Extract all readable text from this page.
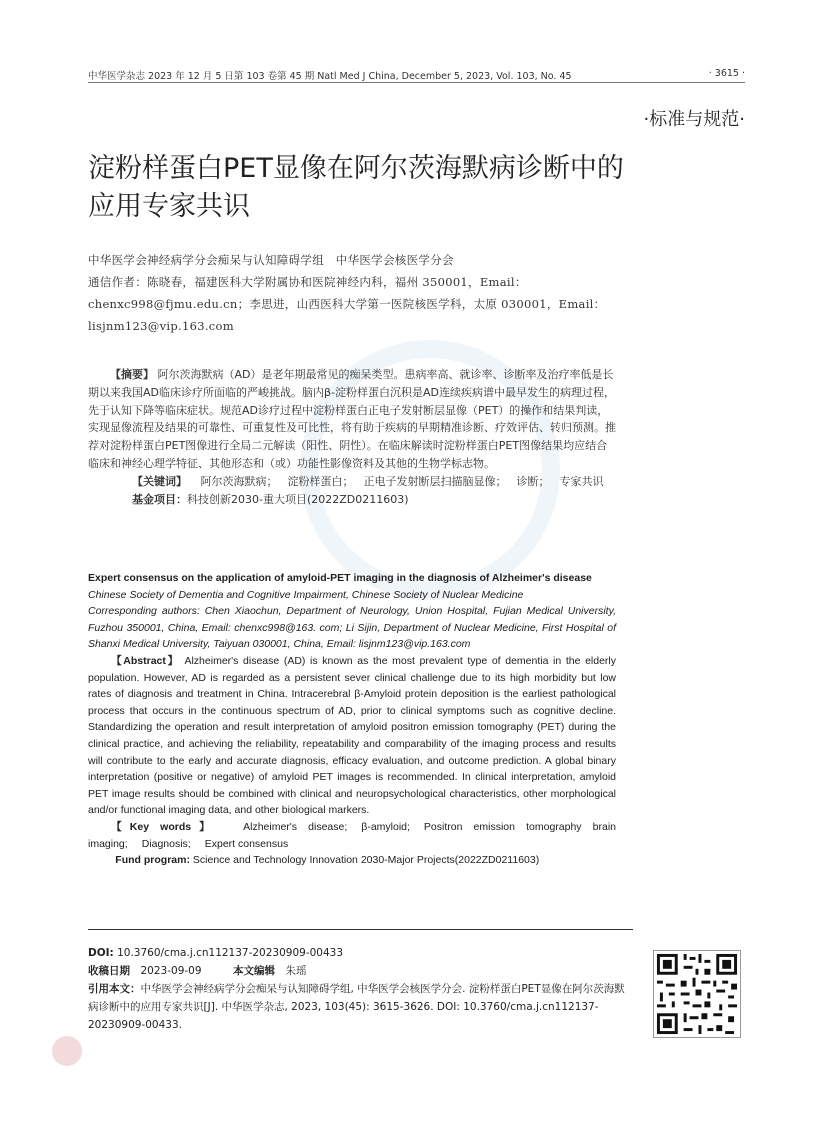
中华医学杂志 2023 年 12 月 5 日第 103 卷第 45 期 Natl Med J China, December 5, 2023, Vol. 103, No. 45	· 3615 ·
·标准与规范·
淀粉样蛋白PET显像在阿尔茨海默病诊断中的应用专家共识
中华医学会神经病学分会痴呆与认知障碍学组　中华医学会核医学分会
通信作者：陈晓春，福建医科大学附属协和医院神经内科，福州 350001，Email：
chenxc998@fjmu.edu.cn；李思进，山西医科大学第一医院核医学科，太原 030001，Email：
lisjnm123@vip.163.com

【摘要】 阿尔茨海默病（AD）是老年期最常见的痴呆类型。患病率高、就诊率、诊断率及治疗率低是长期以来我国AD临床诊疗所面临的严峻挑战。脑内β-淀粉样蛋白沉积是AD连续疾病谱中最早发生的病理过程，先于认知下降等临床症状。规范AD诊疗过程中淀粉样蛋白正电子发射断层显像（PET）的操作和结果判读，实现显像流程及结果的可靠性、可重复性及可比性，将有助于疾病的早期精准诊断、疗效评估、转归预测。推荐对淀粉样蛋白PET图像进行全局二元解读（阳性、阴性）。在临床解读时淀粉样蛋白PET图像结果均应结合临床和神经心理学特征、其他形态和（或）功能性影像资料及其他的生物学标志物。

【关键词】 阿尔茨海默病； 淀粉样蛋白； 正电子发射断层扫描脑显像； 诊断； 专家共识

基金项目：科技创新2030-重大项目(2022ZD0211603)

Expert consensus on the application of amyloid-PET imaging in the diagnosis of Alzheimer's disease

Chinese Society of Dementia and Cognitive Impairment, Chinese Society of Nuclear Medicine

Corresponding authors: Chen Xiaochun, Department of Neurology, Union Hospital, Fujian Medical University, Fuzhou 350001, China, Email: chenxc998@163. com; Li Sijin, Department of Nuclear Medicine, First Hospital of Shanxi Medical University, Taiyuan 030001, China, Email: lisjnm123@vip.163.com

【Abstract】 Alzheimer's disease (AD) is known as the most prevalent type of dementia in the elderly population. However, AD is regarded as a persistent sever clinical challenge due to its high morbidity but low rates of diagnosis and treatment in China. Intracerebral β-Amyloid protein deposition is the earliest pathological process that occurs in the continuous spectrum of AD, prior to clinical symptoms such as cognitive decline. Standardizing the operation and result interpretation of amyloid positron emission tomography (PET) during the clinical practice, and achieving the reliability, repeatability and comparability of the imaging process and results will contribute to the early and accurate diagnosis, efficacy evaluation, and outcome prediction. A global binary interpretation (positive or negative) of amyloid PET images is recommended. In clinical interpretation, amyloid PET image results should be combined with clinical and neuropsychological characteristics, other morphological and/or functional imaging data, and other biological markers.

【Key words】 Alzheimer's disease; β-amyloid; Positron emission tomography brain imaging; Diagnosis; Expert consensus

Fund program: Science and Technology Innovation 2030-Major Projects(2022ZD0211603)

DOI: 10.3760/cma.j.cn112137-20230909-00433
收稿日期　 2023-09-09　　　	本文编辑　 朱瑶
引用本文：中华医学会神经病学分会痴呆与认知障碍学组, 中华医学会核医学分会. 淀粉样蛋白PET显像在阿尔茨海默病诊断中的应用专家共识[J]. 中华医学杂志, 2023, 103(45): 3615-3626. DOI: 10.3760/cma.j.cn112137-20230909-00433.
